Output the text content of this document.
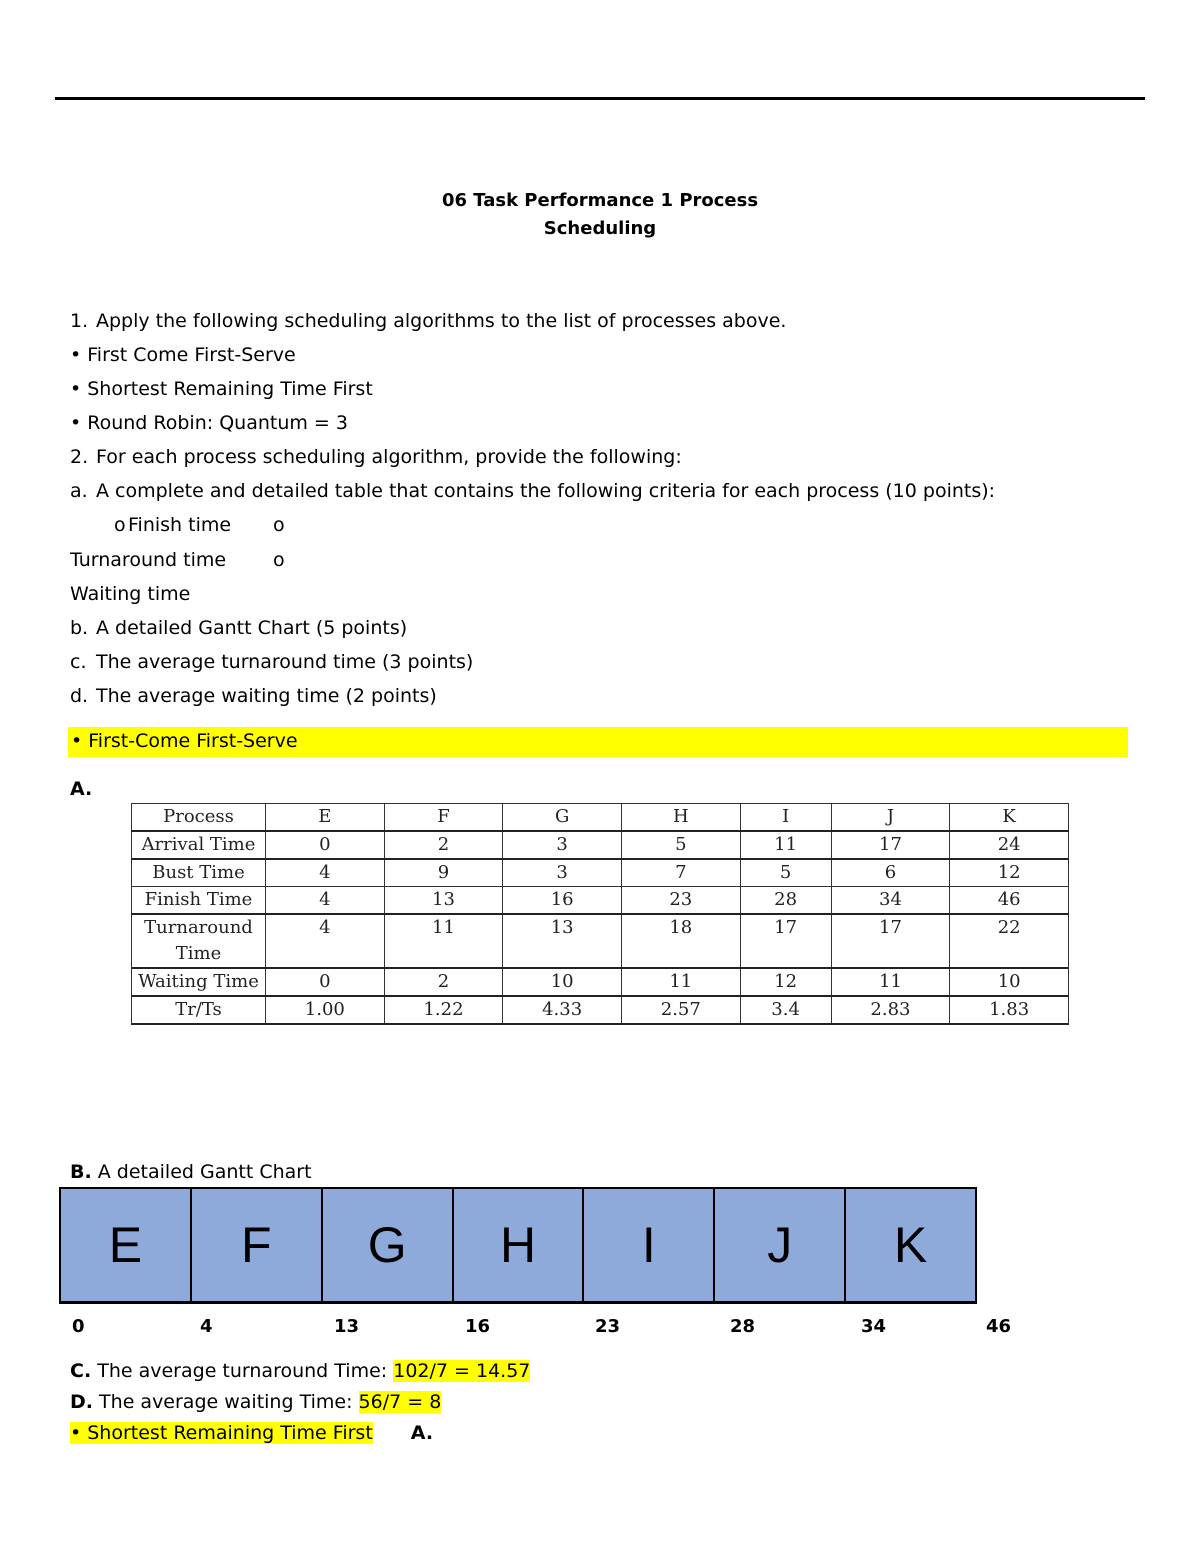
06 Task Performance 1 Process
Scheduling
1. Apply the following scheduling algorithms to the list of processes above.
• First Come First-Serve
• Shortest Remaining Time First
• Round Robin: Quantum = 3
2. For each process scheduling algorithm, provide the following:
a. A complete and detailed table that contains the following criteria for each process (10 points):
o Finish time o
Turnaround time o
Waiting time
b. A detailed Gantt Chart (5 points)
c. The average turnaround time (3 points)
d. The average waiting time (2 points)
• First-Come First-Serve
A.
Process	E	F	G	H	I	J	K
Arrival Time	0	2	3	5	11	17	24
Bust Time	4	9	3	7	5	6	12
Finish Time	4	13	16	23	28	34	46
Turnaround Time	4	11	13	18	17	17	22
Waiting Time	0	2	10	11	12	11	10
Tr/Ts	1.00	1.22	4.33	2.57	3.4	2.83	1.83
B. A detailed Gantt Chart
E	F	G	H	I	J	K
0	4	13	16	23	28	34	46
C. The average turnaround Time: 102/7 = 14.57
D. The average waiting Time: 56/7 = 8
• Shortest Remaining Time First A.
